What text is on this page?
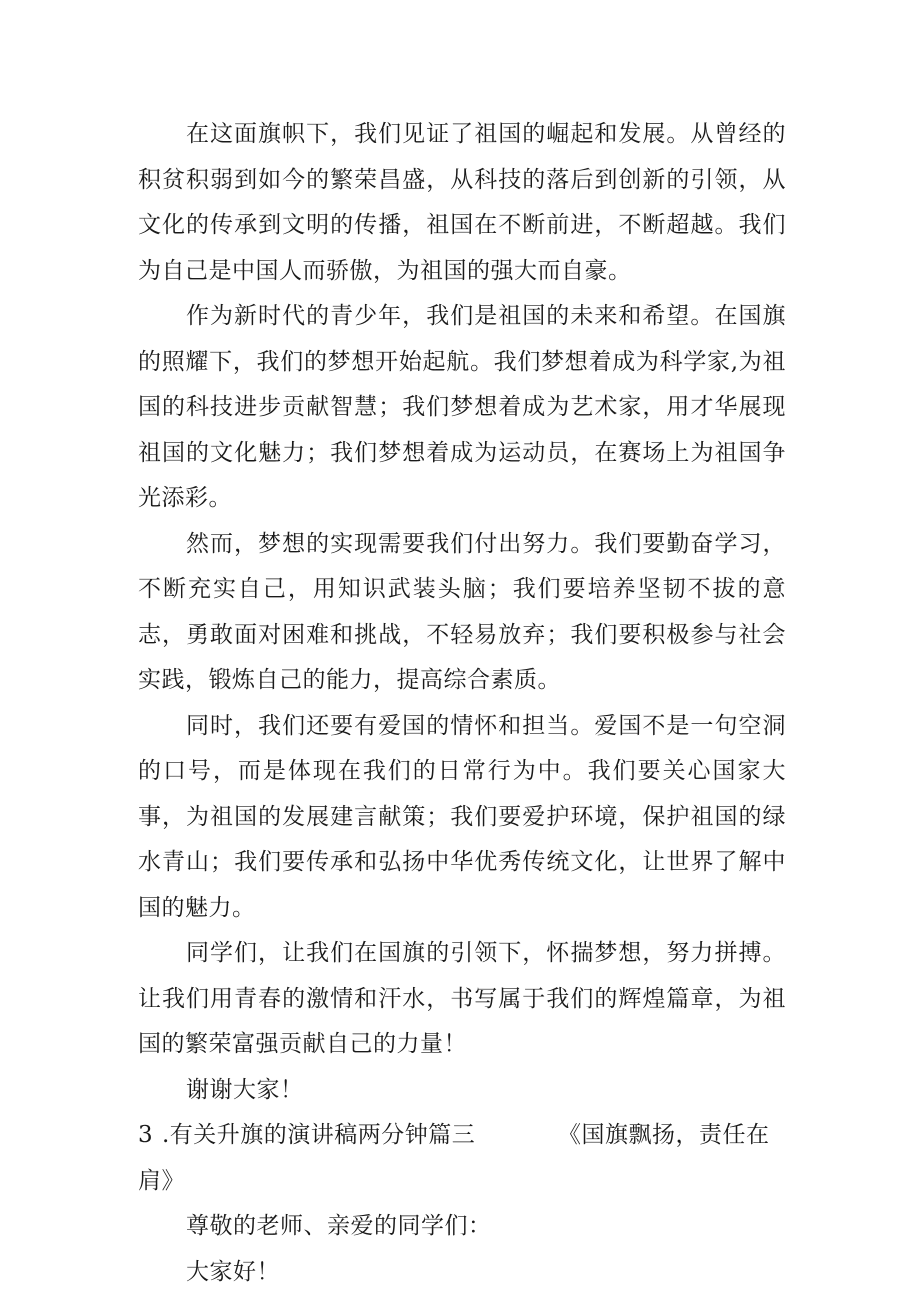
在这面旗帜下，我们见证了祖国的崛起和发展。从曾经的积贫积弱到如今的繁荣昌盛，从科技的落后到创新的引领，从文化的传承到文明的传播，祖国在不断前进，不断超越。我们为自己是中国人而骄傲，为祖国的强大而自豪。

作为新时代的青少年，我们是祖国的未来和希望。在国旗的照耀下，我们的梦想开始起航。我们梦想着成为科学家,为祖国的科技进步贡献智慧；我们梦想着成为艺术家，用才华展现祖国的文化魅力；我们梦想着成为运动员，在赛场上为祖国争光添彩。

然而，梦想的实现需要我们付出努力。我们要勤奋学习，不断充实自己，用知识武装头脑；我们要培养坚韧不拔的意志，勇敢面对困难和挑战，不轻易放弃；我们要积极参与社会实践，锻炼自己的能力，提高综合素质。

同时，我们还要有爱国的情怀和担当。爱国不是一句空洞的口号，而是体现在我们的日常行为中。我们要关心国家大事，为祖国的发展建言献策；我们要爱护环境，保护祖国的绿水青山；我们要传承和弘扬中华优秀传统文化，让世界了解中国的魅力。

同学们，让我们在国旗的引领下，怀揣梦想，努力拼搏。让我们用青春的激情和汗水，书写属于我们的辉煌篇章，为祖国的繁荣富强贡献自己的力量！

谢谢大家！

3 .有关升旗的演讲稿两分钟篇三	《国旗飘扬，责任在肩》

尊敬的老师、亲爱的同学们：

大家好！
